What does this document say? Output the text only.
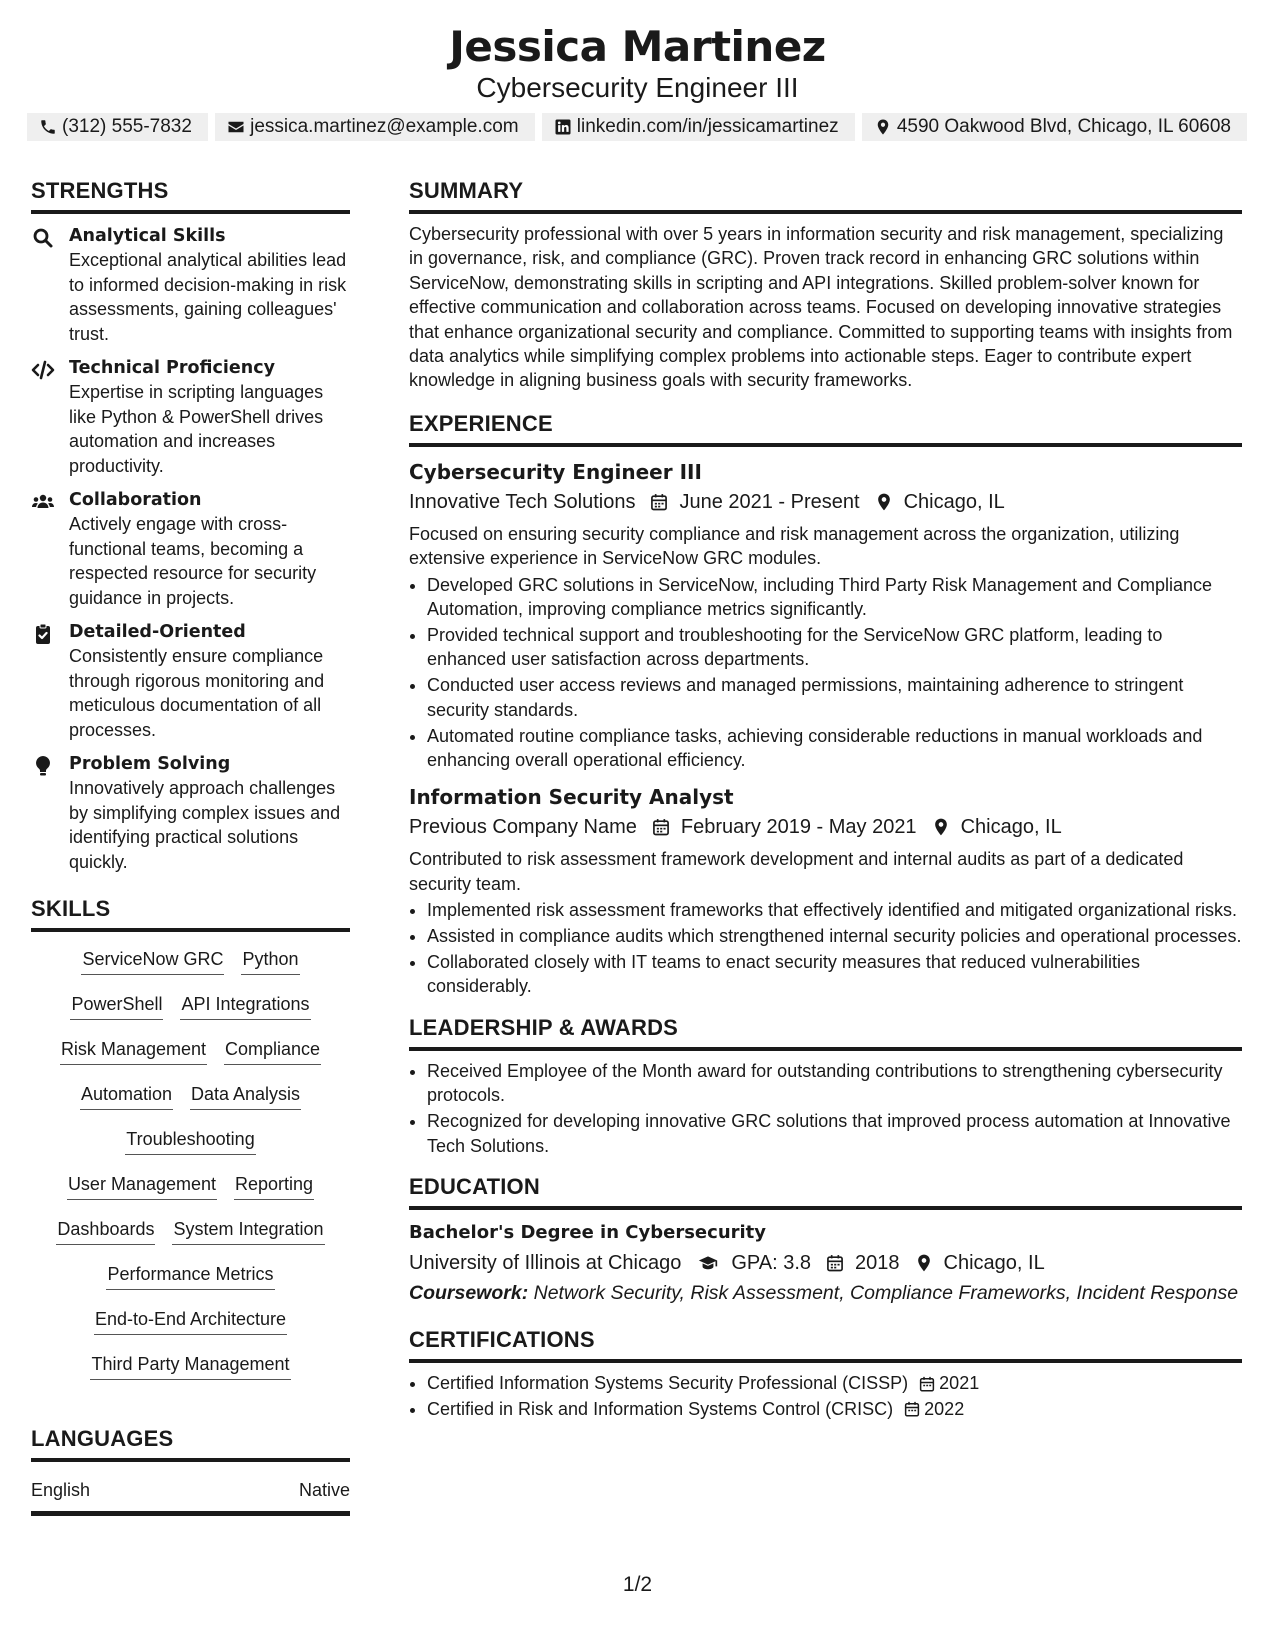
Jessica Martinez
Cybersecurity Engineer III
(312) 555-7832	jessica.martinez@example.com	linkedin.com/in/jessicamartinez	4590 Oakwood Blvd, Chicago, IL 60608
STRENGTHS
Analytical Skills
Exceptional analytical abilities lead to informed decision-making in risk assessments, gaining colleagues' trust.
Technical Proficiency
Expertise in scripting languages like Python & PowerShell drives automation and increases productivity.
Collaboration
Actively engage with cross-functional teams, becoming a respected resource for security guidance in projects.
Detailed-Oriented
Consistently ensure compliance through rigorous monitoring and meticulous documentation of all processes.
Problem Solving
Innovatively approach challenges by simplifying complex issues and identifying practical solutions quickly.
SKILLS
ServiceNow GRC Python
PowerShell API Integrations
Risk Management Compliance
Automation Data Analysis
Troubleshooting
User Management Reporting
Dashboards System Integration
Performance Metrics
End-to-End Architecture
Third Party Management
LANGUAGES
English	Native
SUMMARY
Cybersecurity professional with over 5 years in information security and risk management, specializing in governance, risk, and compliance (GRC). Proven track record in enhancing GRC solutions within ServiceNow, demonstrating skills in scripting and API integrations. Skilled problem-solver known for effective communication and collaboration across teams. Focused on developing innovative strategies that enhance organizational security and compliance. Committed to supporting teams with insights from data analytics while simplifying complex problems into actionable steps. Eager to contribute expert knowledge in aligning business goals with security frameworks.
EXPERIENCE
Cybersecurity Engineer III
Innovative Tech Solutions June 2021 - Present Chicago, IL
Focused on ensuring security compliance and risk management across the organization, utilizing extensive experience in ServiceNow GRC modules.
• Developed GRC solutions in ServiceNow, including Third Party Risk Management and Compliance Automation, improving compliance metrics significantly.
• Provided technical support and troubleshooting for the ServiceNow GRC platform, leading to enhanced user satisfaction across departments.
• Conducted user access reviews and managed permissions, maintaining adherence to stringent security standards.
• Automated routine compliance tasks, achieving considerable reductions in manual workloads and enhancing overall operational efficiency.
Information Security Analyst
Previous Company Name February 2019 - May 2021 Chicago, IL
Contributed to risk assessment framework development and internal audits as part of a dedicated security team.
• Implemented risk assessment frameworks that effectively identified and mitigated organizational risks.
• Assisted in compliance audits which strengthened internal security policies and operational processes.
• Collaborated closely with IT teams to enact security measures that reduced vulnerabilities considerably.
LEADERSHIP & AWARDS
• Received Employee of the Month award for outstanding contributions to strengthening cybersecurity protocols.
• Recognized for developing innovative GRC solutions that improved process automation at Innovative Tech Solutions.
EDUCATION
Bachelor's Degree in Cybersecurity
University of Illinois at Chicago	GPA: 3.8 2018 Chicago, IL
Coursework: Network Security, Risk Assessment, Compliance Frameworks, Incident Response
CERTIFICATIONS
• Certified Information Systems Security Professional (CISSP) 2021
• Certified in Risk and Information Systems Control (CRISC) 2022
1/2
